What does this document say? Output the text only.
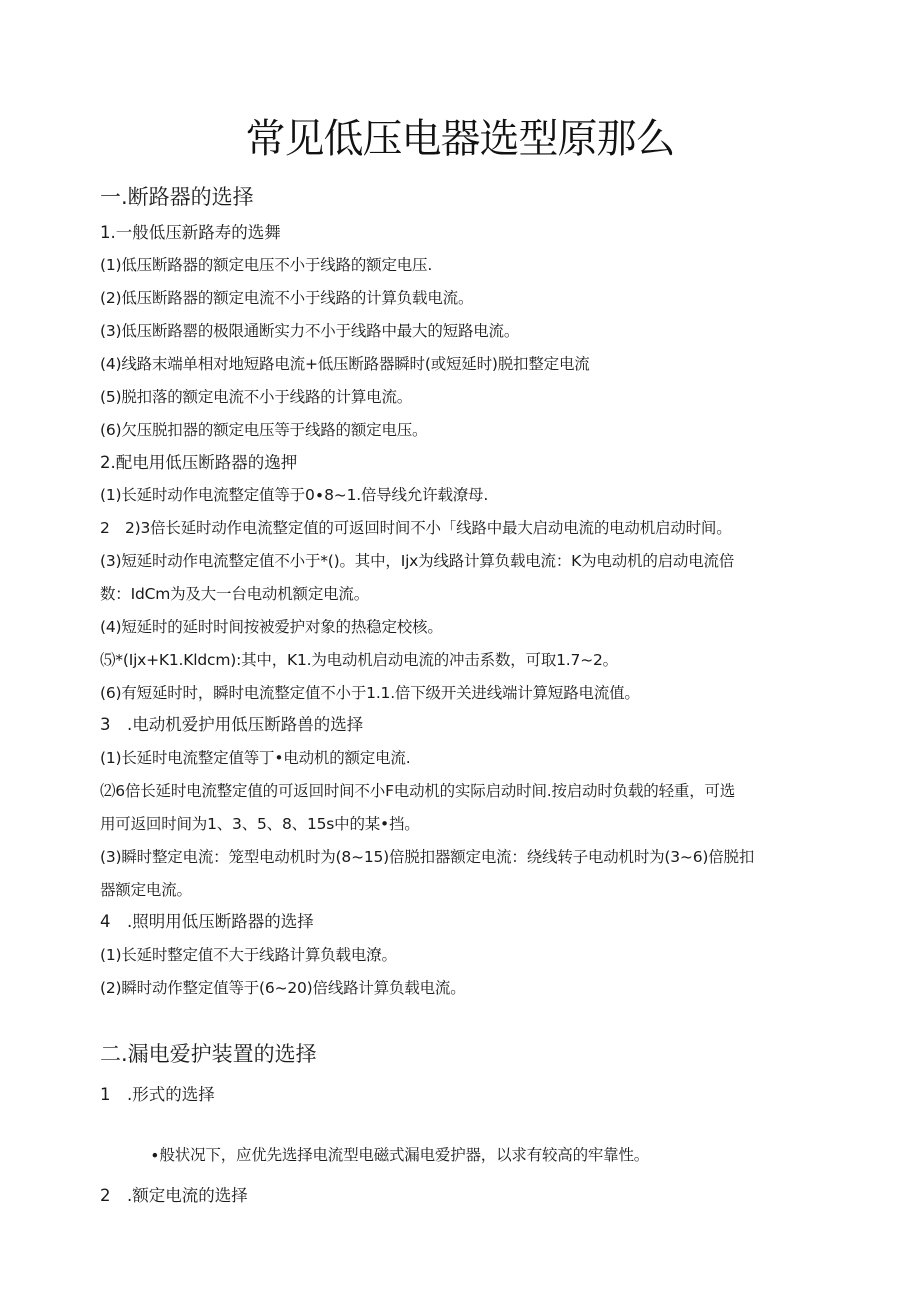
常见低压电器选型原那么
一.断路器的选择
1.一般低压新路寿的选舞
(1)低压断路器的额定电压不小于线路的额定电压.
(2)低压断路器的额定电流不小于线路的计算负载电流。
(3)低压断路罂的极限通断实力不小于线路中最大的短路电流。
(4)线路末端单相对地短路电流+低压断路器瞬时(或短延时)脱扣整定电流
(5)脱扣落的额定电流不小于线路的计算电流。
(6)欠压脱扣器的额定电压等于线路的额定电压。
2.配电用低压断路器的逸押
(1)长延时动作电流整定值等于0∙8~1.倍导线允许载潦母.
2　2)3倍长延时动作电流整定值的可返回时间不小「线路中最大启动电流的电动机启动时间。
(3)短延时动作电流整定值不小于*()。其中，Ijx为线路计算负载电流：K为电动机的启动电流倍
数：IdCm为及大一台电动机额定电流。
(4)短延时的延时时间按被爱护对象的热稳定校核。
⑸*(Ijx+K1.Kldcm):其中，K1.为电动机启动电流的冲击系数，可取1.7~2。
(6)有短延时时，瞬时电流整定值不小于1.1.倍下级开关进线端计算短路电流值。
3　.电动机爱护用低压断路兽的选择
(1)长延时电流整定值等丁•电动机的额定电流.
⑵6倍长延时电流整定值的可返回时间不小F电动机的实际启动时间.按启动时负载的轻重，可选
用可返回时间为1、3、5、8、15s中的某•挡。
(3)瞬时整定电流：笼型电动机时为(8~15)倍脱扣器额定电流：绕线转子电动机时为(3~6)倍脱扣
器额定电流。
4　.照明用低压断路器的选择
(1)长延时整定值不大于线路计算负载电潦。
(2)瞬时动作整定值等于(6~20)倍线路计算负载电流。
二.漏电爱护装置的选择
1　.形式的选择
∙般状况下，应优先选择电流型电磁式漏电爱护器，以求有较高的牢靠性。
2　.额定电流的选择
